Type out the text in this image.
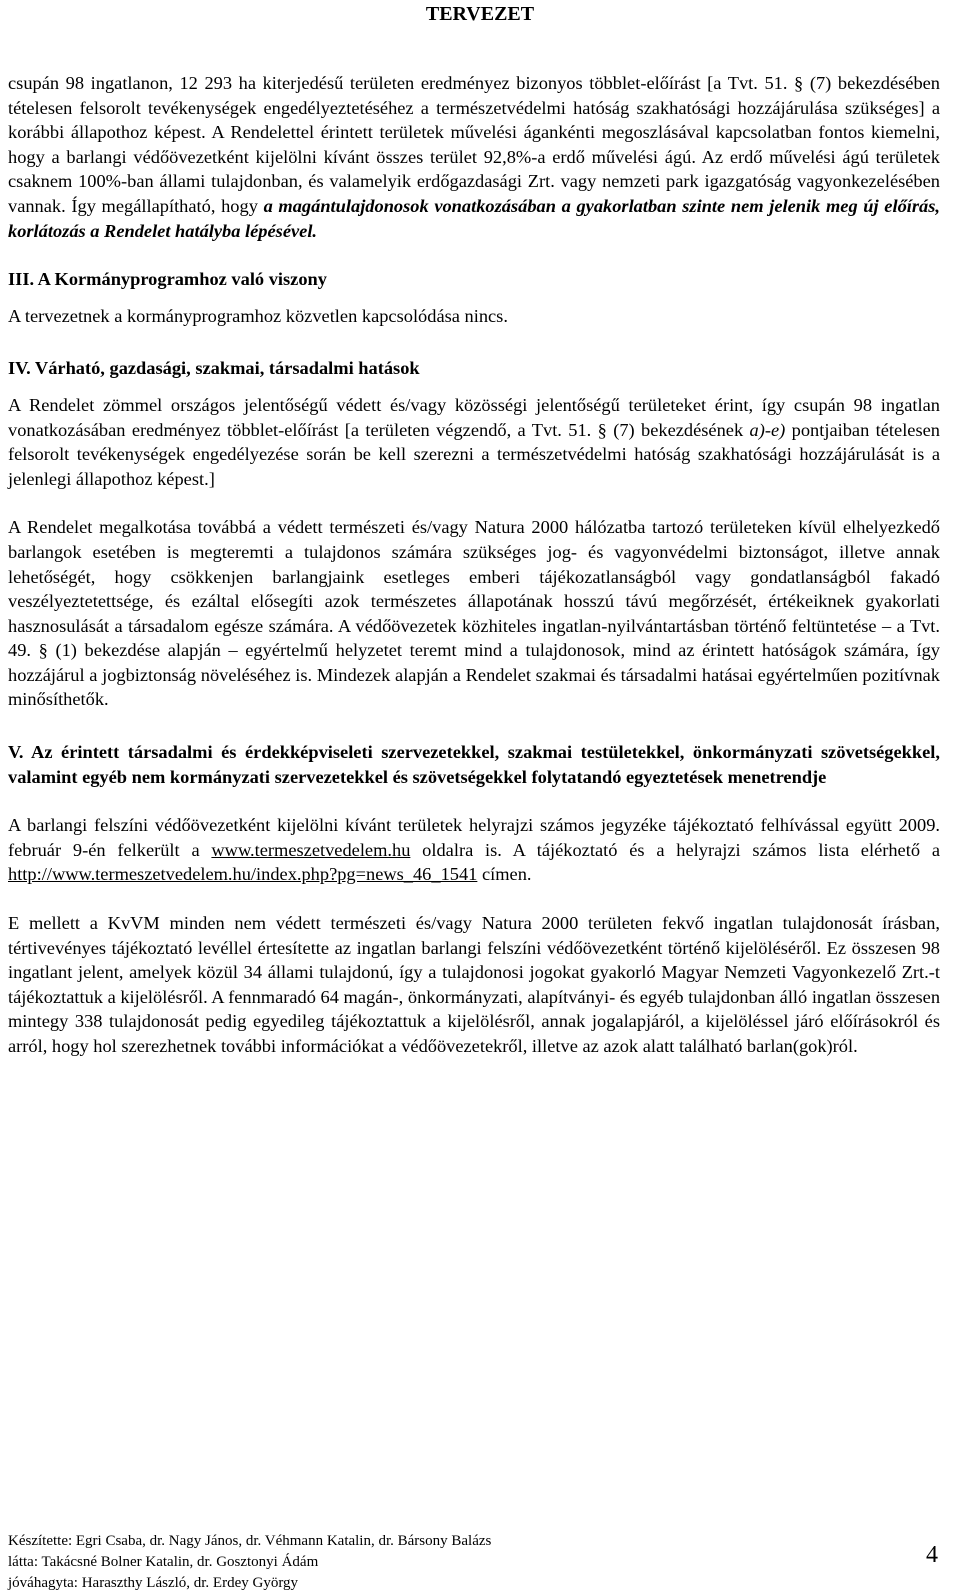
TERVEZET

csupán 98 ingatlanon, 12 293 ha kiterjedésű területen eredményez bizonyos többlet-előírást [a Tvt. 51. § (7) bekezdésében tételesen felsorolt tevékenységek engedélyeztetéséhez a természetvédelmi hatóság szakhatósági hozzájárulása szükséges] a korábbi állapothoz képest. A Rendelettel érintett területek művelési ágankénti megoszlásával kapcsolatban fontos kiemelni, hogy a barlangi védőövezetként kijelölni kívánt összes terület 92,8%-a erdő művelési ágú. Az erdő művelési ágú területek csaknem 100%-ban állami tulajdonban, és valamelyik erdőgazdasági Zrt. vagy nemzeti park igazgatóság vagyonkezelésében vannak. Így megállapítható, hogy a magántulajdonosok vonatkozásában a gyakorlatban szinte nem jelenik meg új előírás, korlátozás a Rendelet hatályba lépésével.

III. A Kormányprogramhoz való viszony

A tervezetnek a kormányprogramhoz közvetlen kapcsolódása nincs.

IV. Várható, gazdasági, szakmai, társadalmi hatások

A Rendelet zömmel országos jelentőségű védett és/vagy közösségi jelentőségű területeket érint, így csupán 98 ingatlan vonatkozásában eredményez többlet-előírást [a területen végzendő, a Tvt. 51. § (7) bekezdésének a)-e) pontjaiban tételesen felsorolt tevékenységek engedélyezése során be kell szerezni a természetvédelmi hatóság szakhatósági hozzájárulását is a jelenlegi állapothoz képest.]

A Rendelet megalkotása továbbá a védett természeti és/vagy Natura 2000 hálózatba tartozó területeken kívül elhelyezkedő barlangok esetében is megteremti a tulajdonos számára szükséges jog- és vagyonvédelmi biztonságot, illetve annak lehetőségét, hogy csökkenjen barlangjaink esetleges emberi tájékozatlanságból vagy gondatlanságból fakadó veszélyeztetettsége, és ezáltal elősegíti azok természetes állapotának hosszú távú megőrzését, értékeiknek gyakorlati hasznosulását a társadalom egésze számára. A védőövezetek közhiteles ingatlan-nyilvántartásban történő feltüntetése – a Tvt. 49. § (1) bekezdése alapján – egyértelmű helyzetet teremt mind a tulajdonosok, mind az érintett hatóságok számára, így hozzájárul a jogbiztonság növeléséhez is. Mindezek alapján a Rendelet szakmai és társadalmi hatásai egyértelműen pozitívnak minősíthetők.

V. Az érintett társadalmi és érdekképviseleti szervezetekkel, szakmai testületekkel, önkormányzati szövetségekkel, valamint egyéb nem kormányzati szervezetekkel és szövetségekkel folytatandó egyeztetések menetrendje

A barlangi felszíni védőövezetként kijelölni kívánt területek helyrajzi számos jegyzéke tájékoztató felhívással együtt 2009. február 9-én felkerült a www.termeszetvedelem.hu oldalra is. A tájékoztató és a helyrajzi számos lista elérhető a http://www.termeszetvedelem.hu/index.php?pg=news_46_1541 címen.

E mellett a KvVM minden nem védett természeti és/vagy Natura 2000 területen fekvő ingatlan tulajdonosát írásban, tértivevényes tájékoztató levéllel értesítette az ingatlan barlangi felszíni védőövezetként történő kijelöléséről. Ez összesen 98 ingatlant jelent, amelyek közül 34 állami tulajdonú, így a tulajdonosi jogokat gyakorló Magyar Nemzeti Vagyonkezelő Zrt.-t tájékoztattuk a kijelölésről. A fennmaradó 64 magán-, önkormányzati, alapítványi- és egyéb tulajdonban álló ingatlan összesen mintegy 338 tulajdonosát pedig egyedileg tájékoztattuk a kijelölésről, annak jogalapjáról, a kijelöléssel járó előírásokról és arról, hogy hol szerezhetnek további információkat a védőövezetekről, illetve az azok alatt található barlan(gok)ról.

Készítette: Egri Csaba, dr. Nagy János, dr. Véhmann Katalin, dr. Bársony Balázs
látta: Takácsné Bolner Katalin, dr. Gosztonyi Ádám
jóváhagyta: Haraszthy László, dr. Erdey György
4
